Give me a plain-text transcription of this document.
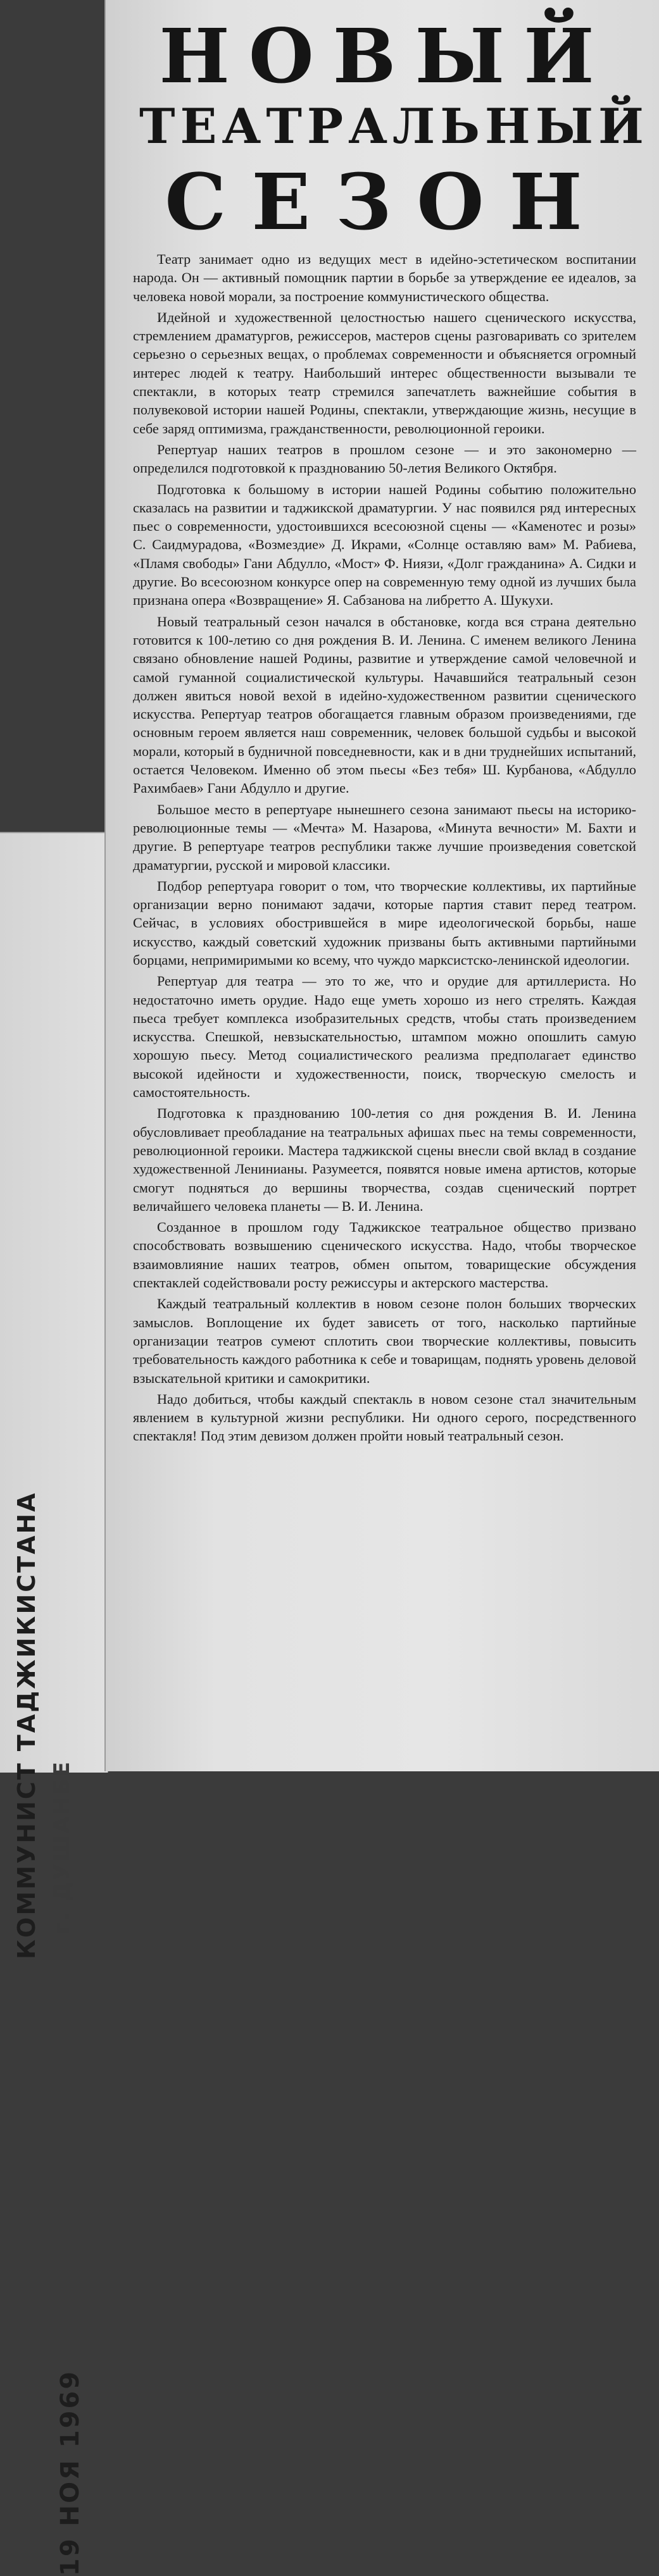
КОММУНИСТ ТАДЖИКИСТАНА г. ДУШАНБЕ
19 НОЯ 1969
НОВЫЙ
ТЕАТРАЛЬНЫЙ
СЕЗОН

Театр занимает одно из ведущих мест в идейно-эстетическом воспитании народа. Он — активный помощник партии в борьбе за утверждение ее идеалов, за человека новой морали, за построение коммунистического общества.

Идейной и художественной целостностью нашего сценического искусства, стремлением драматургов, режиссеров, мастеров сцены разговаривать со зрителем серьезно о серьезных вещах, о проблемах современности и объясняется огромный интерес людей к театру. Наибольший интерес общественности вызывали те спектакли, в которых театр стремился запечатлеть важнейшие события в полувековой истории нашей Родины, спектакли, утверждающие жизнь, несущие в себе заряд оптимизма, гражданственности, революционной героики.

Репертуар наших театров в прошлом сезоне — и это закономерно — определился подготовкой к празднованию 50-летия Великого Октября.

Подготовка к большому в истории нашей Родины событию положительно сказалась на развитии и таджикской драматургии. У нас появился ряд интересных пьес о современности, удостоившихся всесоюзной сцены — «Каменотес и розы» С. Саидмурадова, «Возмездие» Д. Икрами, «Солнце оставляю вам» М. Рабиева, «Пламя свободы» Гани Абдулло, «Мост» Ф. Ниязи, «Долг гражданина» А. Сидки и другие. Во всесоюзном конкурсе опер на современную тему одной из лучших была признана опера «Возвращение» Я. Сабзанова на либретто А. Шукухи.

Новый театральный сезон начался в обстановке, когда вся страна деятельно готовится к 100-летию со дня рождения В. И. Ленина. С именем великого Ленина связано обновление нашей Родины, развитие и утверждение самой человечной и самой гуманной социалистической культуры. Начавшийся театральный сезон должен явиться новой вехой в идейно-художественном развитии сценического искусства. Репертуар театров обогащается главным образом произведениями, где основным героем является наш современник, человек большой судьбы и высокой морали, который в будничной повседневности, как и в дни труднейших испытаний, остается Человеком. Именно об этом пьесы «Без тебя» Ш. Курбанова, «Абдулло Рахимбаев» Гани Абдулло и другие.

Большое место в репертуаре нынешнего сезона занимают пьесы на историко-революционные темы — «Мечта» М. Назарова, «Минута вечности» М. Бахти и другие. В репертуаре театров республики также лучшие произведения советской драматургии, русской и мировой классики.

Подбор репертуара говорит о том, что творческие коллективы, их партийные организации верно понимают задачи, которые партия ставит перед театром. Сейчас, в условиях обострившейся в мире идеологической борьбы, наше искусство, каждый советский художник призваны быть активными партийными борцами, непримиримыми ко всему, что чуждо марксистско-ленинской идеологии.

Репертуар для театра — это то же, что и орудие для артиллериста. Но недостаточно иметь орудие. Надо еще уметь хорошо из него стрелять. Каждая пьеса требует комплекса изобразительных средств, чтобы стать произведением искусства. Спешкой, невзыскательностью, штампом можно опошлить самую хорошую пьесу. Метод социалистического реализма предполагает единство высокой идейности и художественности, поиск, творческую смелость и самостоятельность.

Подготовка к празднованию 100-летия со дня рождения В. И. Ленина обусловливает преобладание на театральных афишах пьес на темы современности, революционной героики. Мастера таджикской сцены внесли свой вклад в создание художественной Ленинианы. Разумеется, появятся новые имена артистов, которые смогут подняться до вершины творчества, создав сценический портрет величайшего человека планеты — В. И. Ленина.

Созданное в прошлом году Таджикское театральное общество призвано способствовать возвышению сценического искусства. Надо, чтобы творческое взаимовлияние наших театров, обмен опытом, товарищеские обсуждения спектаклей содействовали росту режиссуры и актерского мастерства.

Каждый театральный коллектив в новом сезоне полон больших творческих замыслов. Воплощение их будет зависеть от того, насколько партийные организации театров сумеют сплотить свои творческие коллективы, повысить требовательность каждого работника к себе и товарищам, поднять уровень деловой взыскательной критики и самокритики.

Надо добиться, чтобы каждый спектакль в новом сезоне стал значительным явлением в культурной жизни республики. Ни одного серого, посредственного спектакля! Под этим девизом должен пройти новый театральный сезон.
